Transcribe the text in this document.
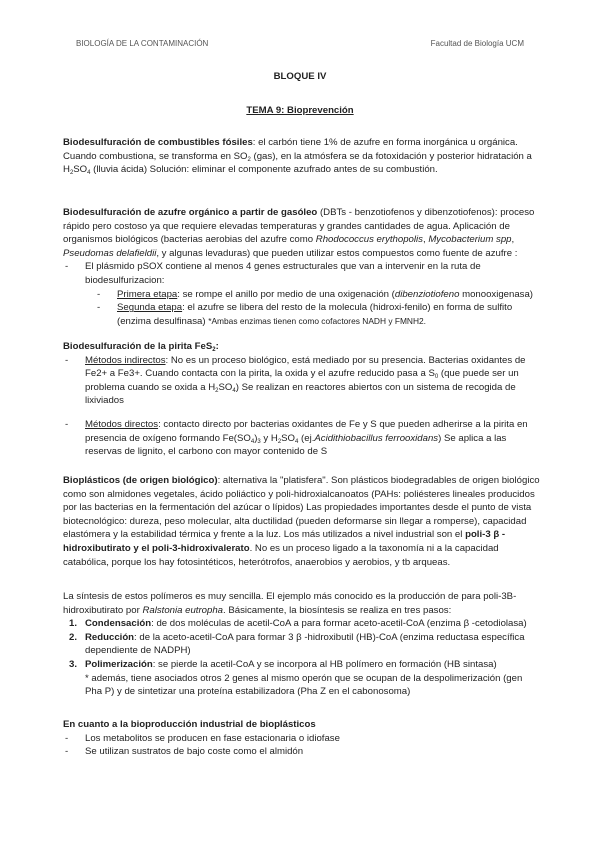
BIOLOGÍA DE LA CONTAMINACIÓN	Facultad de Biología UCM
BLOQUE IV
TEMA 9: Bioprevención

Biodesulfuración de combustibles fósiles: el carbón tiene 1% de azufre en forma inorgánica u orgánica. Cuando combustiona, se transforma en $SO_2$ (gas), en la atmósfera se da fotoxidación y posterior hidratación a $H_2SO_4$ (lluvia ácida) Solución: eliminar el componente azufrado antes de su combustión.

Biodesulfuración de azufre orgánico a partir de gasóleo (DBTs - benzotiofenos y dibenzotiofenos): proceso rápido pero costoso ya que requiere elevadas temperaturas y grandes cantidades de agua. Aplicación de organismos biológicos (bacterias aerobias del azufre como Rhodococcus erythopolis, Mycobacterium spp, Pseudomas delafieldii, y algunas levaduras) que pueden utilizar estos compuestos como fuente de azufre :

- El plásmido pSOX contiene al menos 4 genes estructurales que van a intervenir en la ruta de biodesulfurizacion:

- Primera etapa: se rompe el anillo por medio de una oxigenación (dibenziotiofeno monooxigenasa)

- Segunda etapa: el azufre se libera del resto de la molecula (hidroxi-fenilo) en forma de sulfito (enzima desulfinasa) *Ambas enzimas tienen como cofactores NADH y FMNH2.

Biodesulfuración de la pirita FeS$_2$:

- Métodos indirectos: No es un proceso biológico, está mediado por su presencia. Bacterias oxidantes de Fe2+ a Fe3+. Cuando contacta con la pirita, la oxida y el azufre reducido pasa a $S_0$ (que puede ser un problema cuando se oxida a $H_2SO_4$) Se realizan en reactores abiertos con un sistema de recogida de lixiviados

- Métodos directos: contacto directo por bacterias oxidantes de Fe y S que pueden adherirse a la pirita en presencia de oxígeno formando $Fe(SO_4)_3$ y $H_2SO_4$ (ej.Acidithiobacillus ferrooxidans) Se aplica a las reservas de lignito, el carbono con mayor contenido de S

Bioplásticos (de origen biológico): alternativa la "platisfera". Son plásticos biodegradables de origen biológico como son almidones vegetales, ácido poliáctico y poli-hidroxialcanoatos (PAHs: poliésteres lineales producidos por las bacterias en la fermentación del azúcar o lípidos) Las propiedades importantes desde el punto de vista biotecnológico: dureza, peso molecular, alta ductilidad (pueden deformarse sin llegar a romperse), capacidad elastómera y la estabilidad térmica y frente a la luz. Los más utilizados a nivel industrial son el poli-3 β -hidroxibutirato y el poli-3-hidroxivalerato. No es un proceso ligado a la taxonomía ni a la capacidad catabólica, porque los hay fotosintéticos, heterótrofos, anaerobios y aerobios, y tb arqueas.

La síntesis de estos polímeros es muy sencilla. El ejemplo más conocido es la producción de para poli-3B-hidroxibutirato por Ralstonia eutropha. Básicamente, la biosíntesis se realiza en tres pasos:

1. Condensación: de dos moléculas de acetil-CoA a para formar aceto-acetil-CoA (enzima β -cetodiolasa)

2. Reducción: de la aceto-acetil-CoA para formar 3 β -hidroxibutil (HB)-CoA (enzima reductasa específica dependiente de NADPH)

3. Polimerización: se pierde la acetil-CoA y se incorpora al HB polímero en formación (HB sintasa)

* además, tiene asociados otros 2 genes al mismo operón que se ocupan de la despolimerización (gen Pha P) y de sintetizar una proteína estabilizadora (Pha Z en el cabonosoma)

En cuanto a la bioproducción industrial de bioplásticos

- Los metabolitos se producen en fase estacionaria o idiofase

- Se utilizan sustratos de bajo coste como el almidón
